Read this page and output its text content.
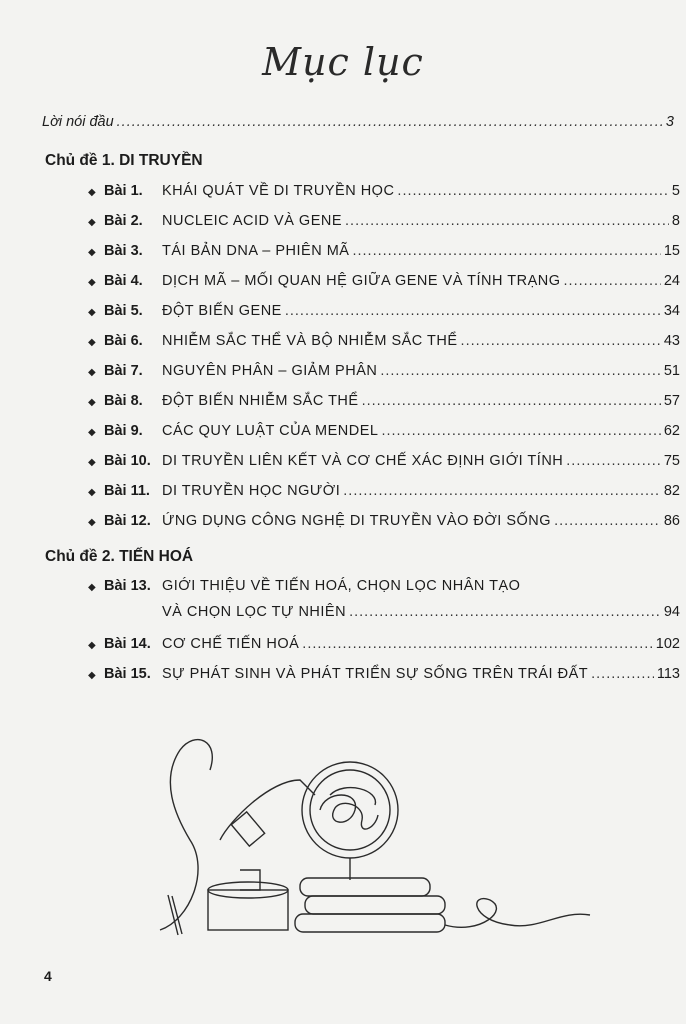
Mục lục
Lời nói đầu .....	3
Chủ đề 1. DI TRUYỀN
◆ Bài 1.	KHÁI QUÁT VỀ DI TRUYỀN HỌC .....	5
◆ Bài 2.	NUCLEIC ACID VÀ GENE .....	8
◆ Bài 3.	TÁI BẢN DNA – PHIÊN MÃ .....	15
◆ Bài 4.	DỊCH MÃ – MỐI QUAN HỆ GIỮA GENE VÀ TÍNH TRẠNG .....	24
◆ Bài 5.	ĐỘT BIẾN GENE .....	34
◆ Bài 6.	NHIỄM SẮC THỂ VÀ BỘ NHIỄM SẮC THỂ .....	43
◆ Bài 7.	NGUYÊN PHÂN – GIẢM PHÂN .....	51
◆ Bài 8.	ĐỘT BIẾN NHIỄM SẮC THỂ .....	57
◆ Bài 9.	CÁC QUY LUẬT CỦA MENDEL .....	62
◆ Bài 10. DI TRUYỀN LIÊN KẾT VÀ CƠ CHẾ XÁC ĐỊNH GIỚI TÍNH .....	75
◆ Bài 11. DI TRUYỀN HỌC NGƯỜI .....	82
◆ Bài 12. ỨNG DỤNG CÔNG NGHỆ DI TRUYỀN VÀO ĐỜI SỐNG .....	86
Chủ đề 2. TIẾN HOÁ
◆ Bài 13. GIỚI THIỆU VỀ TIẾN HOÁ, CHỌN LỌC NHÂN TẠO
VÀ CHỌN LỌC TỰ NHIÊN .....	94
◆ Bài 14. CƠ CHẾ TIẾN HOÁ .....	102
◆ Bài 15. SỰ PHÁT SINH VÀ PHÁT TRIỂN SỰ SỐNG TRÊN TRÁI ĐẤT .....	113
4
